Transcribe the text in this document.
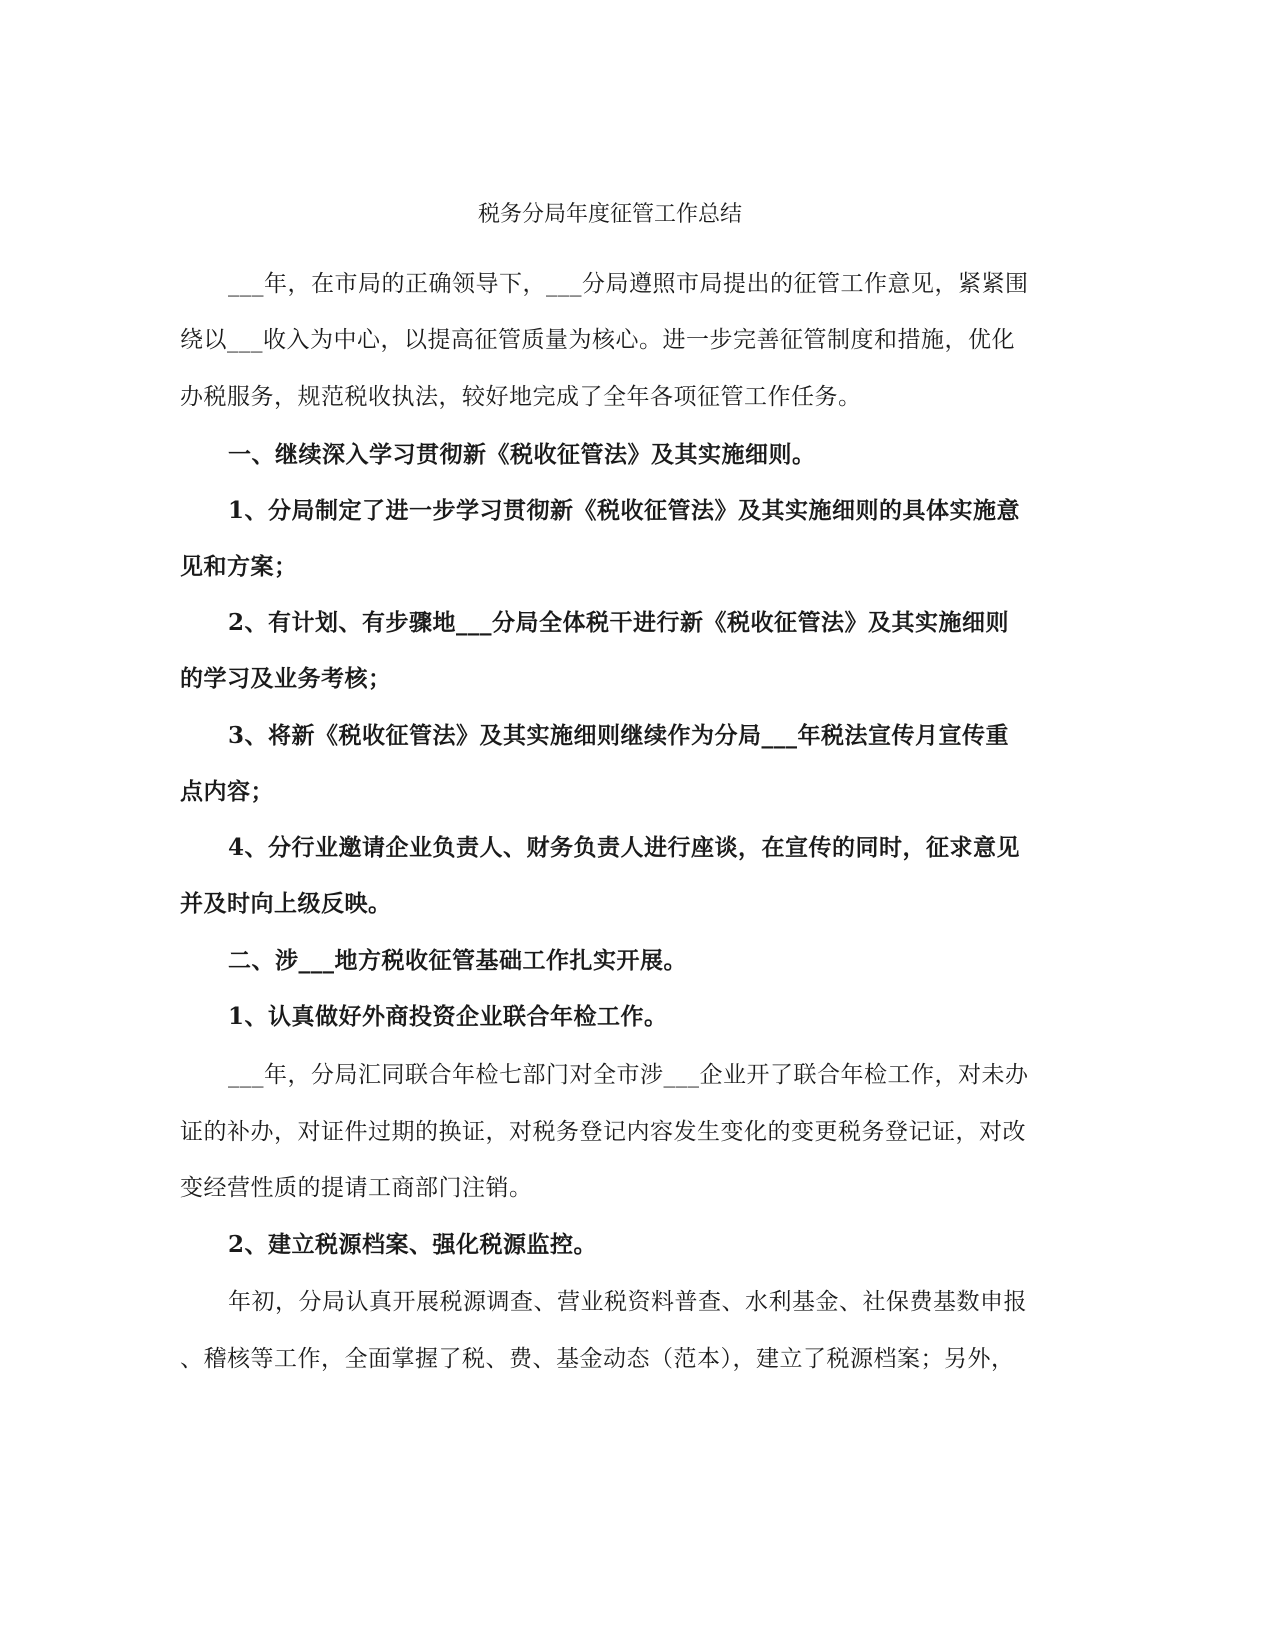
税务分局年度征管工作总结
___年，在市局的正确领导下，___分局遵照市局提出的征管工作意见，紧紧围
绕以___收入为中心，以提高征管质量为核心。进一步完善征管制度和措施，优化
办税服务，规范税收执法，较好地完成了全年各项征管工作任务。
一、继续深入学习贯彻新《税收征管法》及其实施细则。
1、分局制定了进一步学习贯彻新《税收征管法》及其实施细则的具体实施意
见和方案；
2、有计划、有步骤地___分局全体税干进行新《税收征管法》及其实施细则
的学习及业务考核；
3、将新《税收征管法》及其实施细则继续作为分局___年税法宣传月宣传重
点内容；
4、分行业邀请企业负责人、财务负责人进行座谈，在宣传的同时，征求意见
并及时向上级反映。
二、涉___地方税收征管基础工作扎实开展。
1、认真做好外商投资企业联合年检工作。
___年，分局汇同联合年检七部门对全市涉___企业开了联合年检工作，对未办
证的补办，对证件过期的换证，对税务登记内容发生变化的变更税务登记证，对改
变经营性质的提请工商部门注销。
2、建立税源档案、强化税源监控。
年初，分局认真开展税源调查、营业税资料普查、水利基金、社保费基数申报
、稽核等工作，全面掌握了税、费、基金动态（范本），建立了税源档案；另外，
